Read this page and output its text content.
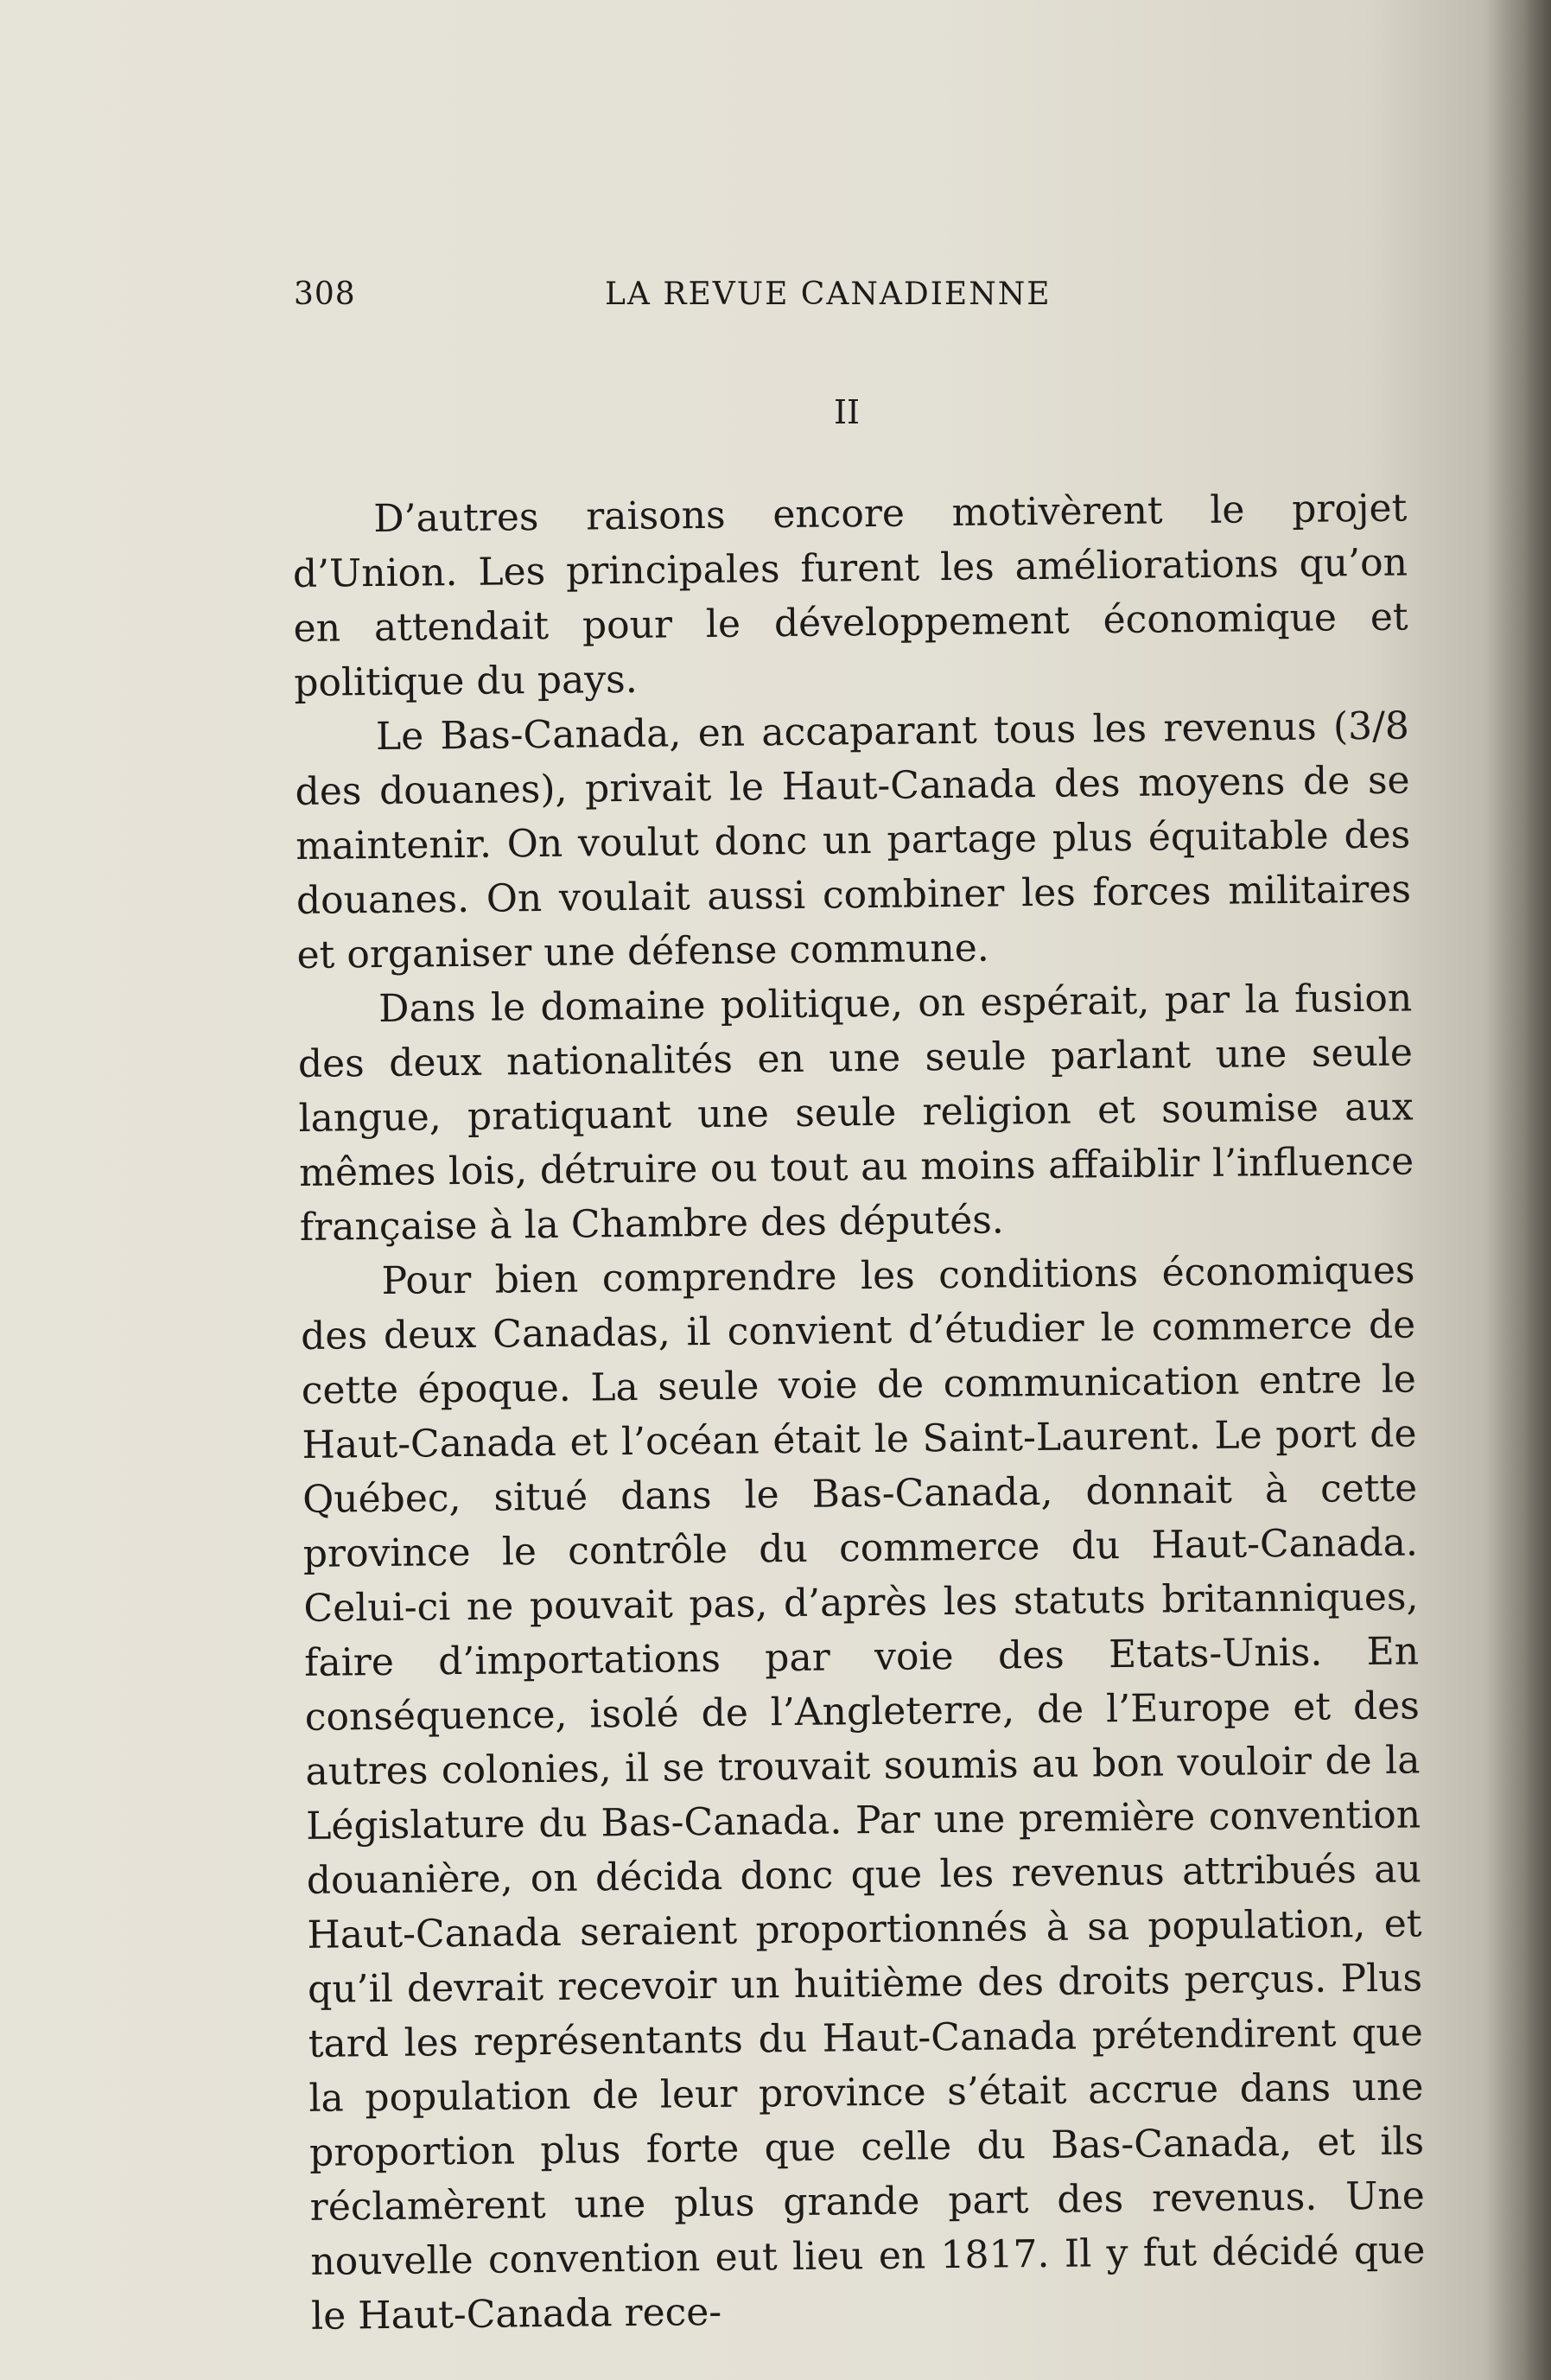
308	LA REVUE CANADIENNE
II

D’autres raisons encore motivèrent le projet d’Union. Les principales furent les améliorations qu’on en attendait pour le développement économique et politique du pays.

Le Bas-Canada, en accaparant tous les revenus (3/8 des douanes), privait le Haut-Canada des moyens de se maintenir. On voulut donc un partage plus équitable des douanes. On voulait aussi combiner les forces militaires et organiser une défense commune.

Dans le domaine politique, on espérait, par la fusion des deux nationalités en une seule parlant une seule langue, pratiquant une seule religion et soumise aux mêmes lois, détruire ou tout au moins affaiblir l’influence française à la Chambre des députés.

Pour bien comprendre les conditions économiques des deux Canadas, il convient d’étudier le commerce de cette époque. La seule voie de communication entre le Haut-Canada et l’océan était le Saint-Laurent. Le port de Québec, situé dans le Bas-Canada, donnait à cette province le contrôle du commerce du Haut-Canada. Celui-ci ne pouvait pas, d’après les statuts britanniques, faire d’importations par voie des Etats-Unis. En conséquence, isolé de l’Angleterre, de l’Europe et des autres colonies, il se trouvait soumis au bon vouloir de la Législature du Bas-Canada. Par une première convention douanière, on décida donc que les revenus attribués au Haut-Canada seraient proportionnés à sa population, et qu’il devrait recevoir un huitième des droits perçus. Plus tard les représentants du Haut-Canada prétendirent que la population de leur province s’était accrue dans une proportion plus forte que celle du Bas-Canada, et ils réclamèrent une plus grande part des revenus. Une nouvelle convention eut lieu en 1817. Il y fut décidé que le Haut-Canada rece-
